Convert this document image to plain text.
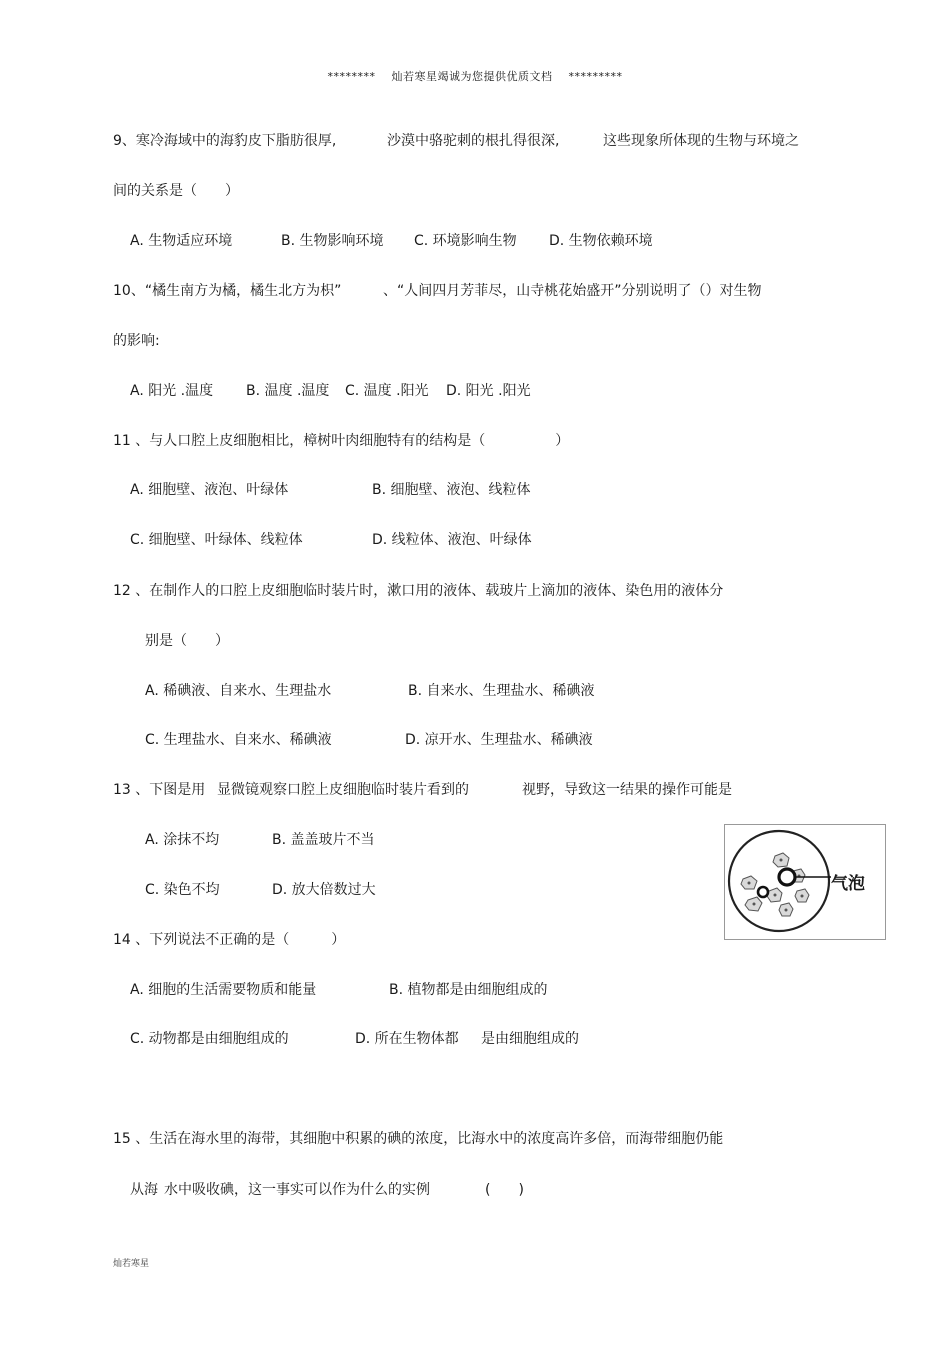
******** 灿若寒星竭诚为您提供优质文档 *********
9、寒冷海域中的海豹皮下脂肪很厚,	沙漠中骆驼刺的根扎得很深,	这些现象所体现的生物与环境之
间的关系是（　　）
A. 生物适应环境	B. 生物影响环境 C. 环境影响生物 D. 生物依赖环境
10、“橘生南方为橘，橘生北方为枳”	、“人间四月芳菲尽，山寺桃花始盛开”分别说明了（）对生物
的影响:
A. 阳光 .温度 B. 温度 .温度 C. 温度 .阳光 D. 阳光 .阳光
11 、与人口腔上皮细胞相比，樟树叶肉细胞特有的结构是（　　　　　）
A. 细胞壁、液泡、叶绿体	B. 细胞壁、液泡、线粒体
C. 细胞壁、叶绿体、线粒体	D. 线粒体、液泡、叶绿体
12 、在制作人的口腔上皮细胞临时装片时，漱口用的液体、载玻片上滴加的液体、染色用的液体分
别是（　　）
A. 稀碘液、自来水、生理盐水	B. 自来水、生理盐水、稀碘液
C. 生理盐水、自来水、稀碘液	D. 凉开水、生理盐水、稀碘液
13 、下图是用 显微镜观察口腔上皮细胞临时装片看到的	视野，导致这一结果的操作可能是
A. 涂抹不均	B. 盖盖玻片不当
C. 染色不均	D. 放大倍数过大	气泡
14 、下列说法不正确的是（　　　）
A. 细胞的生活需要物质和能量	B. 植物都是由细胞组成的
C. 动物都是由细胞组成的	D. 所在生物体都 是由细胞组成的
15 、生活在海水里的海带，其细胞中积累的碘的浓度，比海水中的浓度高许多倍，而海带细胞仍能
从海 水中吸收碘，这一事实可以作为什么的实例	(　　)
灿若寒星
